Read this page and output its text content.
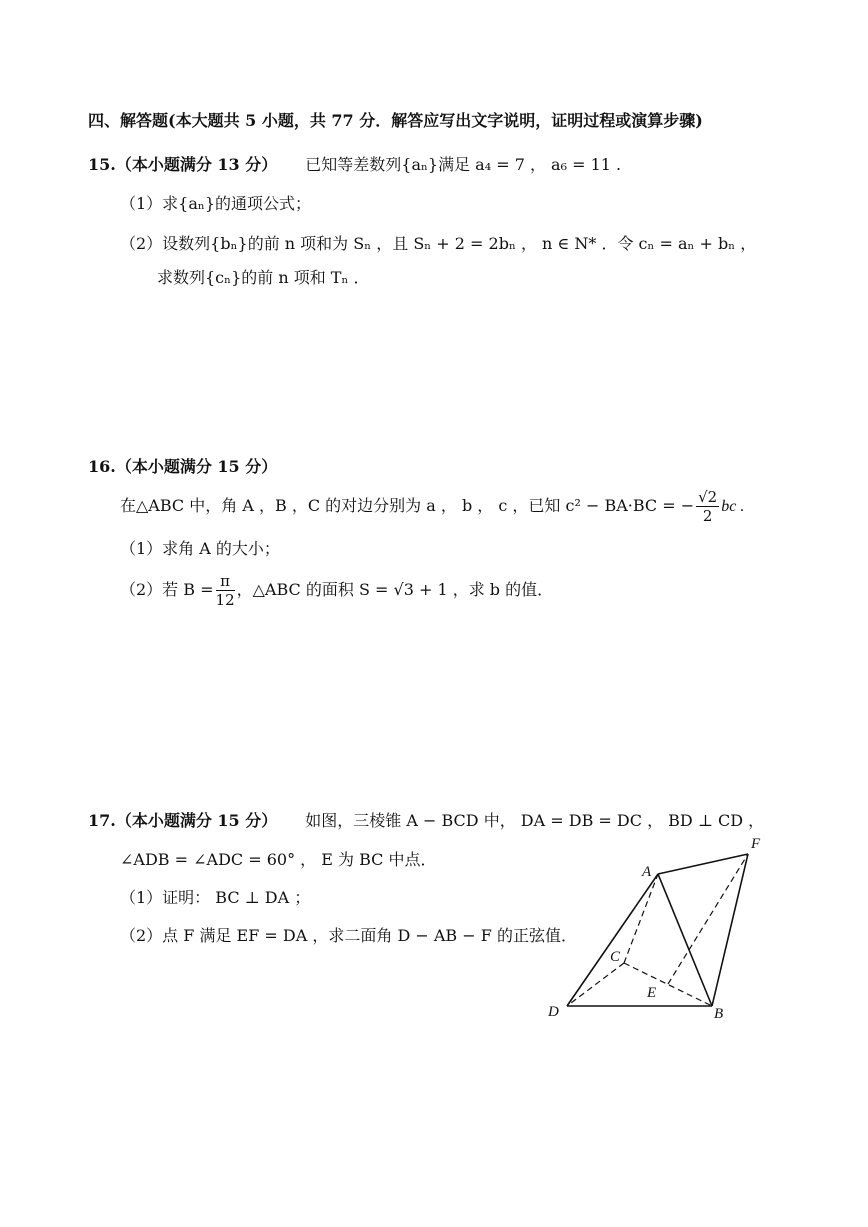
四、解答题(本大题共 5 小题，共 77 分．解答应写出文字说明，证明过程或演算步骤)
15.（本小题满分 13 分） 已知等差数列{aₙ}满足 a₄ = 7 ， a₆ = 11 .
（1）求{aₙ}的通项公式；
（2）设数列{bₙ}的前 n 项和为 Sₙ ，且 Sₙ + 2 = 2bₙ ， n ∈ N* ．令 cₙ = aₙ + bₙ ，
求数列{cₙ}的前 n 项和 Tₙ ．
16.（本小题满分 15 分）
在△ABC 中，角 A ，B ，C 的对边分别为 a ， b ， c ，已知 c² − BA·BC = − $\frac{√2}{2}$ bc .
（1）求角 A 的大小；
（2）若 $B = \frac{\pi}{12}$ ，△ABC 的面积 S = √3 + 1 ，求 b 的值．
17.（本小题满分 15 分） 如图，三棱锥 A − BCD 中， DA = DB = DC ， BD ⊥ CD ，
∠ADB = ∠ADC = 60° ， E 为 BC 中点．
（1）证明： BC ⊥ DA ；
（2）点 F 满足 EF = DA ，求二面角 D − AB − F 的正弦值．
A
F
C
E
D	B
